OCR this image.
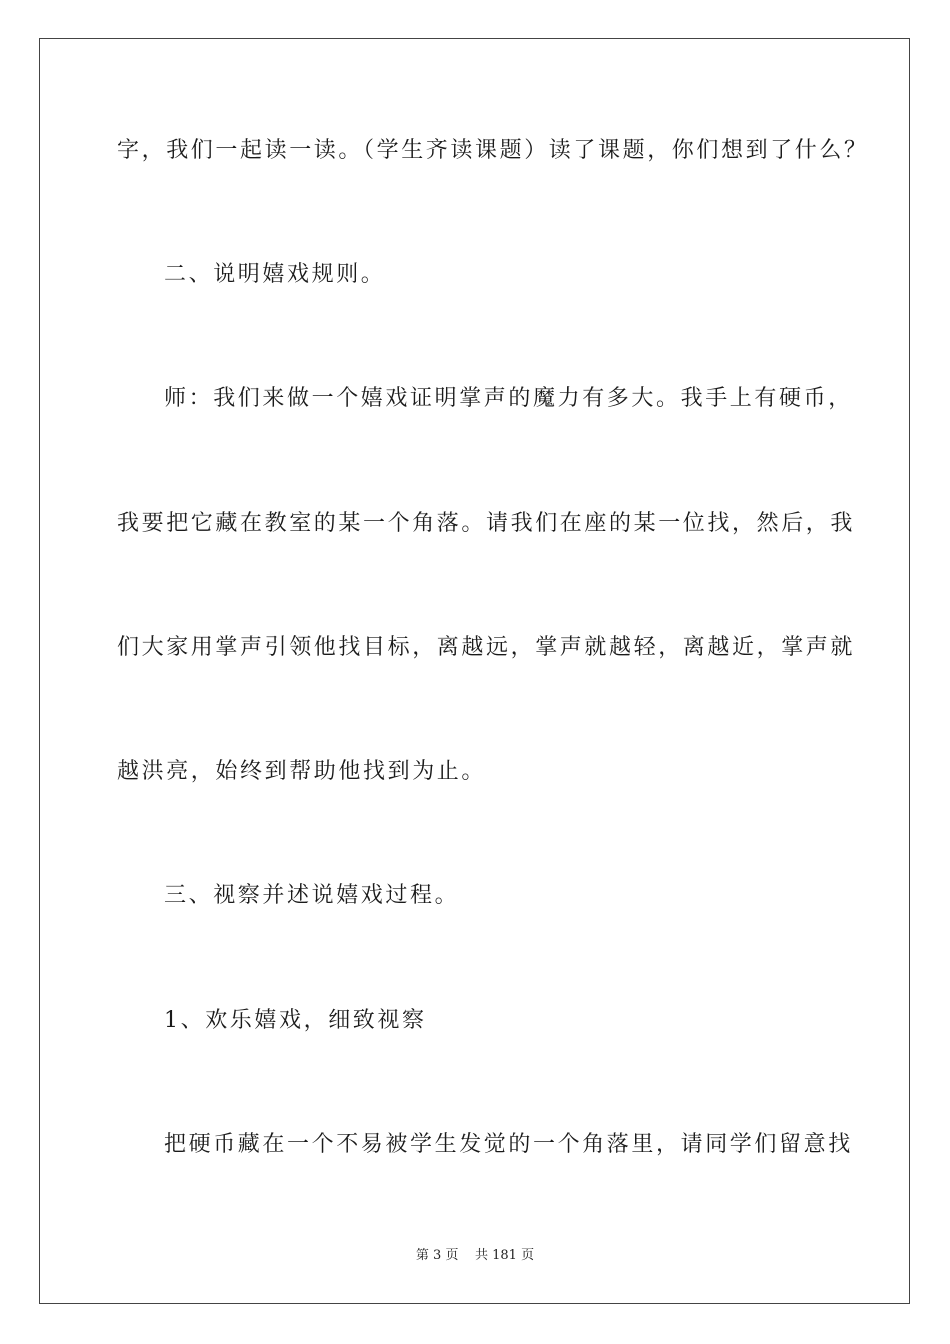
字，我们一起读一读。（学生齐读课题）读了课题，你们想到了什么？
二、说明嬉戏规则。
师：我们来做一个嬉戏证明掌声的魔力有多大。我手上有硬币，
我要把它藏在教室的某一个角落。请我们在座的某一位找，然后，我
们大家用掌声引领他找目标，离越远，掌声就越轻，离越近，掌声就
越洪亮，始终到帮助他找到为止。
三、视察并述说嬉戏过程。
1、欢乐嬉戏，细致视察
把硬币藏在一个不易被学生发觉的一个角落里，请同学们留意找
第 3 页 共 181 页
